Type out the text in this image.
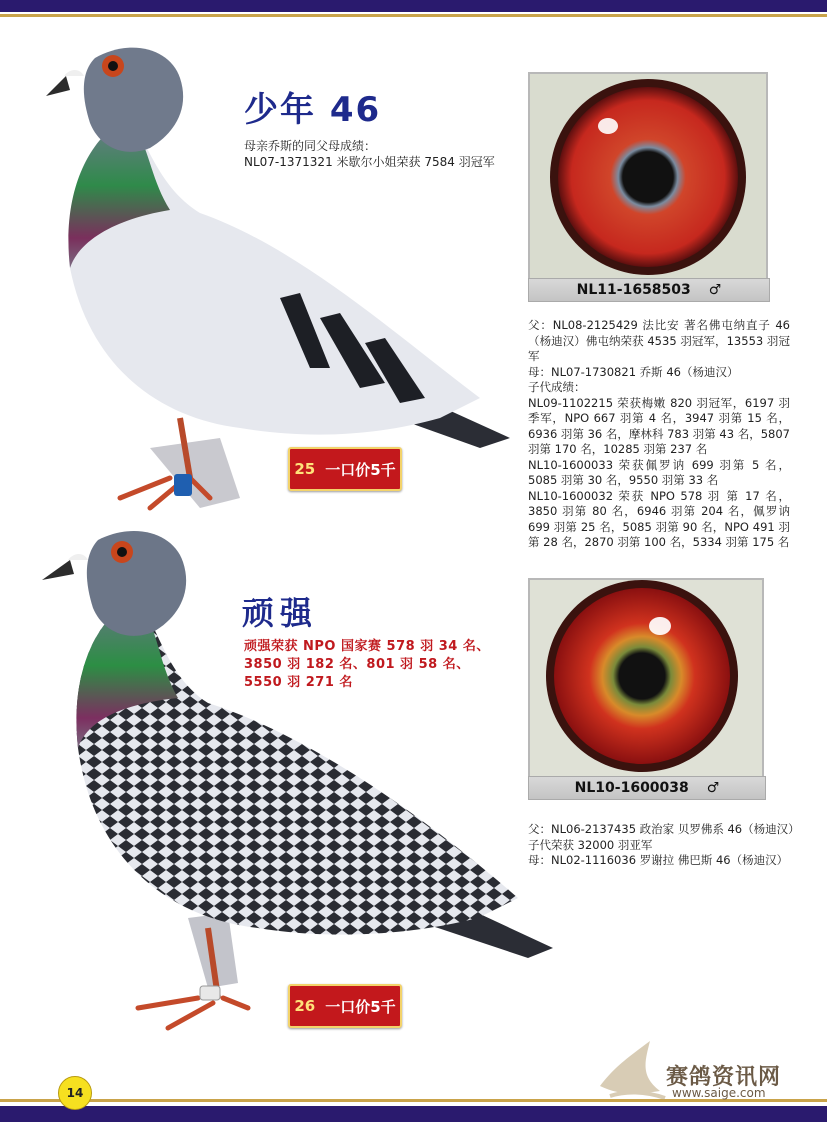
少年 46
母亲乔斯的同父母成绩：
NL07-1371321 米歇尔小姐荣获 7584 羽冠军
25 一口价5千
NL11-1658503 ♂
父：NL08-2125429 法比安 著名佛屯纳直子 46（杨迪汉）佛屯纳荣获 4535 羽冠军，13553 羽冠军
母：NL07-1730821 乔斯 46（杨迪汉）
子代成绩：
NL09-1102215 荣获梅嫩 820 羽冠军，6197 羽季军，NPO 667 羽第 4 名，3947 羽第 15 名，6936 羽第 36 名，摩林科 783 羽第 43 名，5807 羽第 170 名，10285 羽第 237 名
NL10-1600033 荣获佩罗讷 699 羽第 5 名，5085 羽第 30 名，9550 羽第 33 名
NL10-1600032 荣获 NPO 578 羽 第 17 名，3850 羽第 80 名，6946 羽第 204 名，佩罗讷 699 羽第 25 名，5085 羽第 90 名，NPO 491 羽第 28 名，2870 羽第 100 名，5334 羽第 175 名
顽强
顽强荣获 NPO 国家赛 578 羽 34 名、3850 羽 182 名、801 羽 58 名、5550 羽 271 名
26 一口价5千
NL10-1600038 ♂
父：NL06-2137435 政治家 贝罗佛系 46（杨迪汉）
子代荣获 32000 羽亚军
母：NL02-1116036 罗谢拉 佛巴斯 46（杨迪汉）
14
赛鸽资讯网
www.saige.com
